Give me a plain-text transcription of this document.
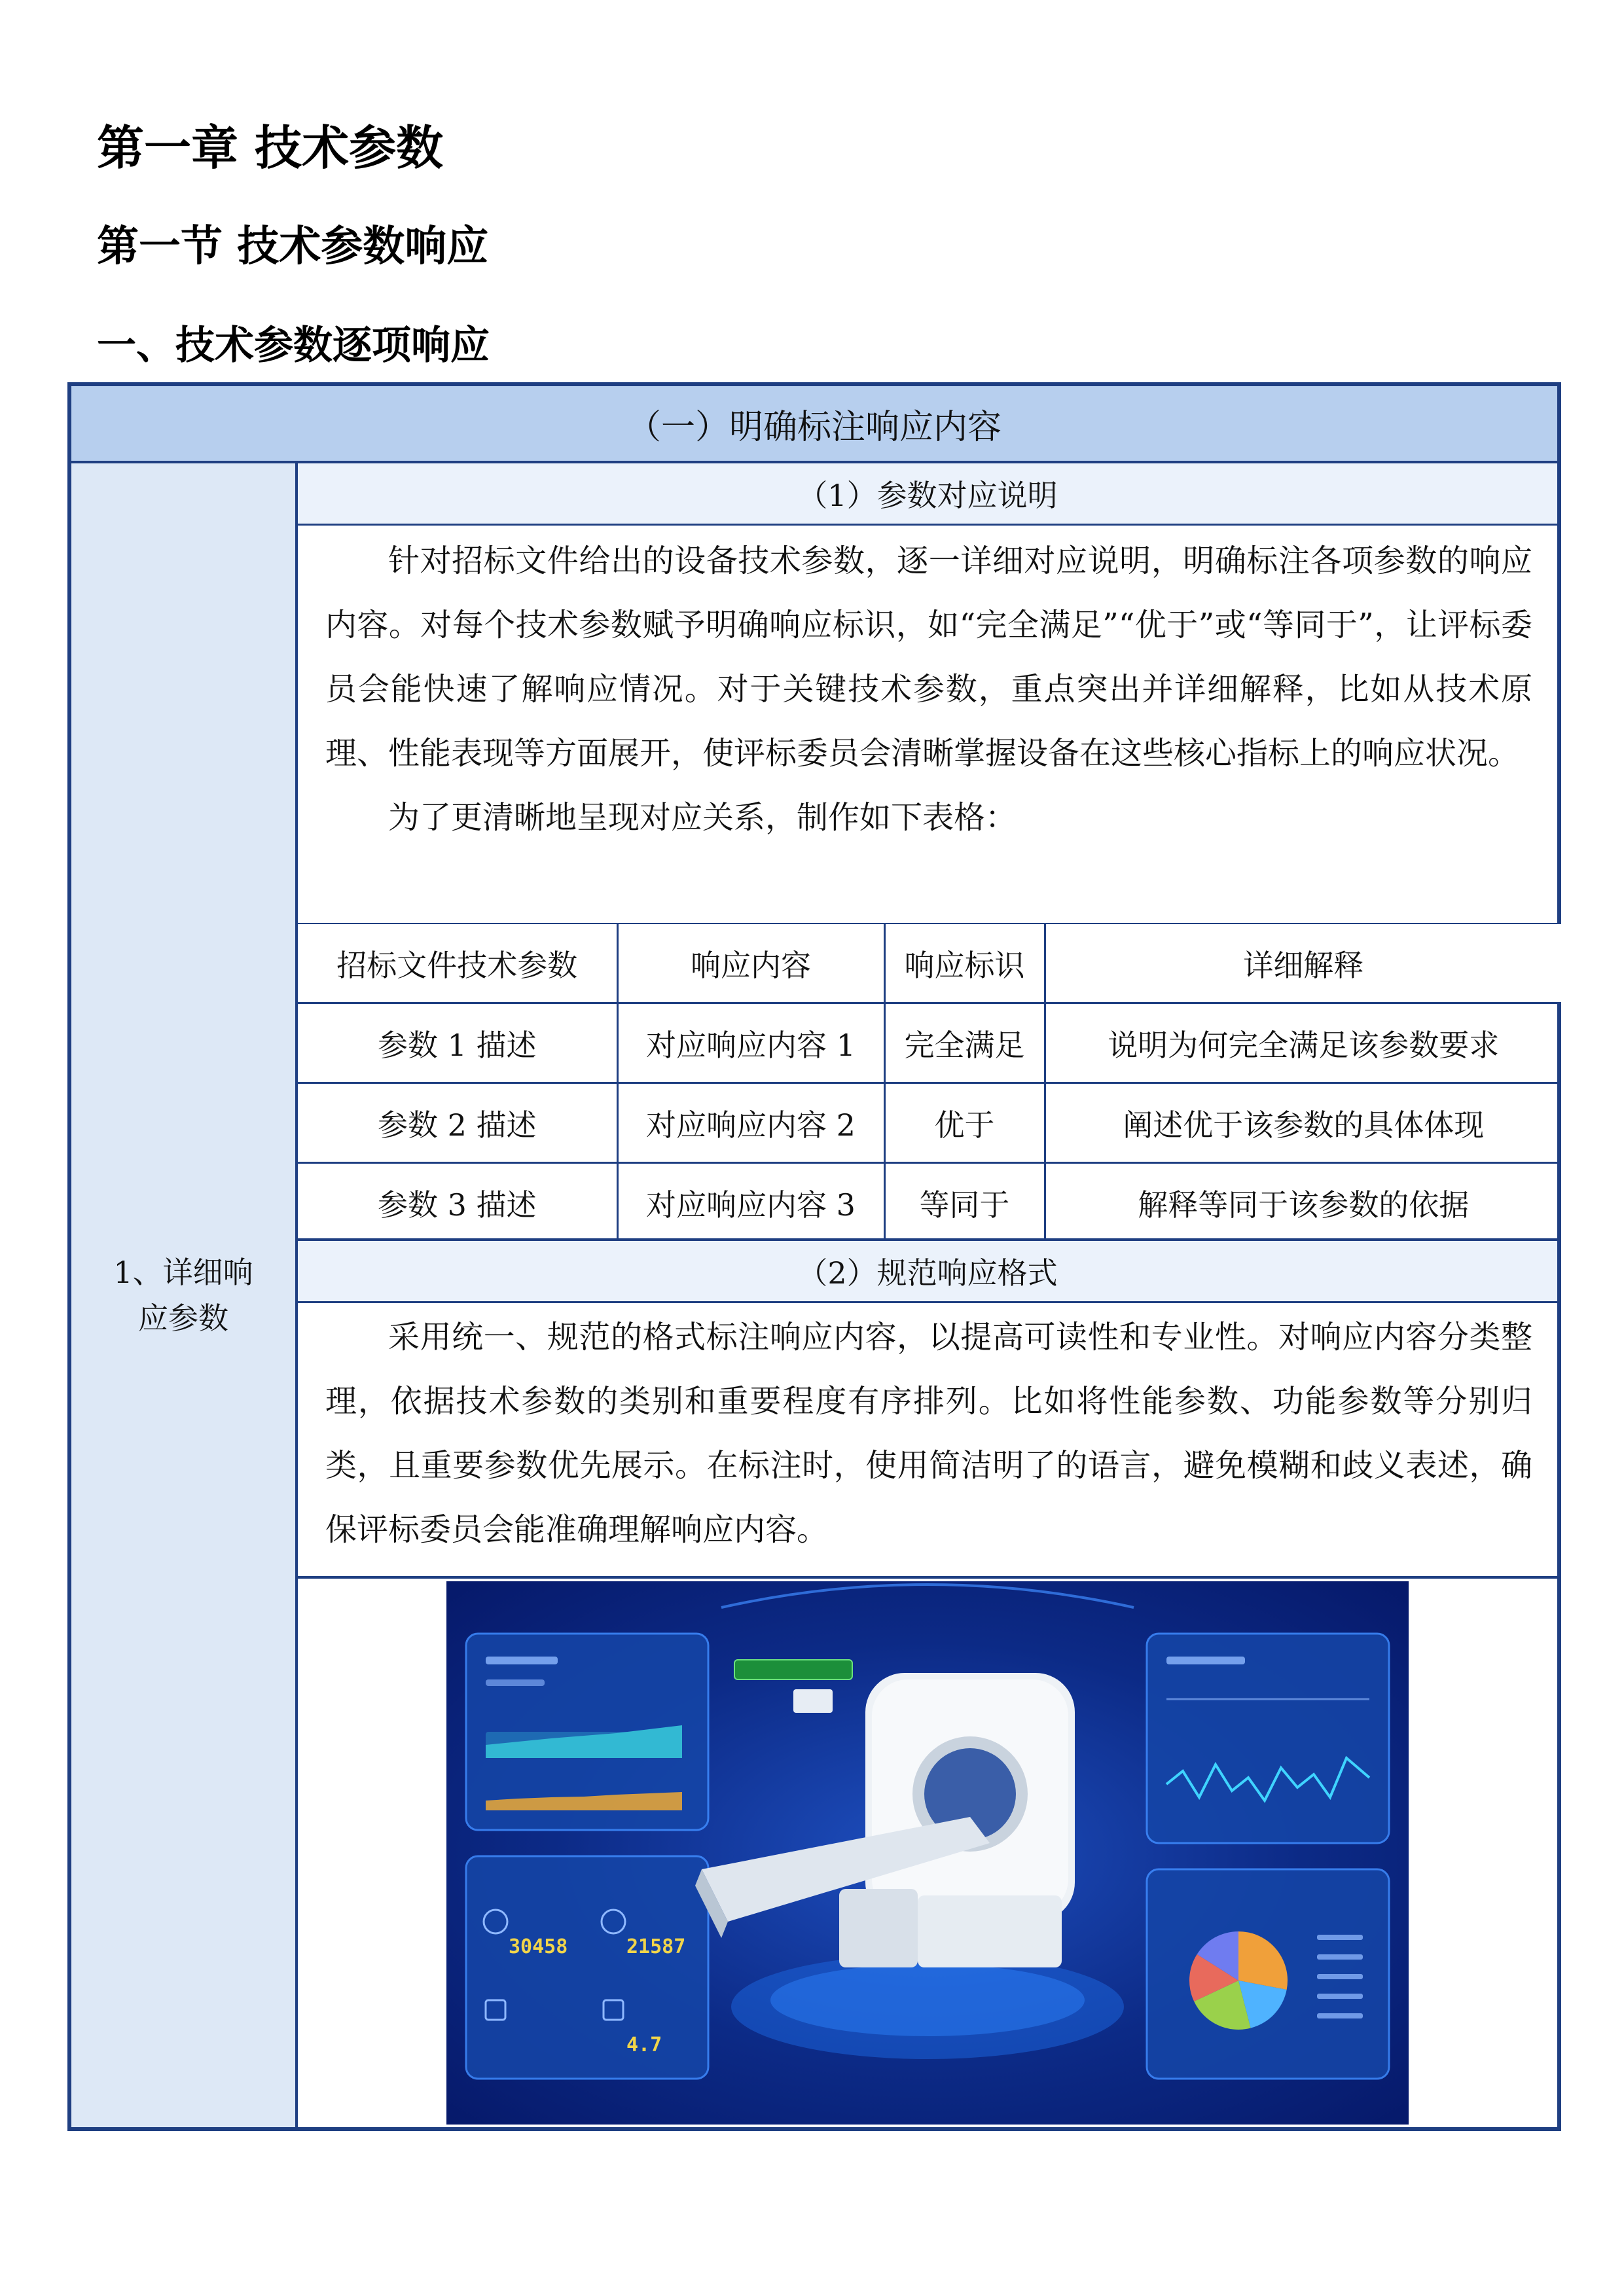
第一章 技术参数
第一节 技术参数响应
一、技术参数逐项响应
（一）明确标注响应内容
1、详细响
应参数
（1）参数对应说明

针对招标文件给出的设备技术参数，逐一详细对应说明，明确标注各项参数的响应内容。对每个技术参数赋予明确响应标识，如“完全满足”“优于”或“等同于”，让评标委员会能快速了解响应情况。对于关键技术参数，重点突出并详细解释，比如从技术原理、性能表现等方面展开，使评标委员会清晰掌握设备在这些核心指标上的响应状况。

为了更清晰地呈现对应关系，制作如下表格：

招标文件技术参数	响应内容	响应标识	详细解释
参数 1 描述	对应响应内容 1	完全满足	说明为何完全满足该参数要求
参数 2 描述	对应响应内容 2	优于	阐述优于该参数的具体体现
参数 3 描述	对应响应内容 3	等同于	解释等同于该参数的依据
（2）规范响应格式

采用统一、规范的格式标注响应内容，以提高可读性和专业性。对响应内容分类整理，依据技术参数的类别和重要程度有序排列。比如将性能参数、功能参数等分别归类，且重要参数优先展示。在标注时，使用简洁明了的语言，避免模糊和歧义表述，确保评标委员会能准确理解响应内容。

30458	21587
4.7
